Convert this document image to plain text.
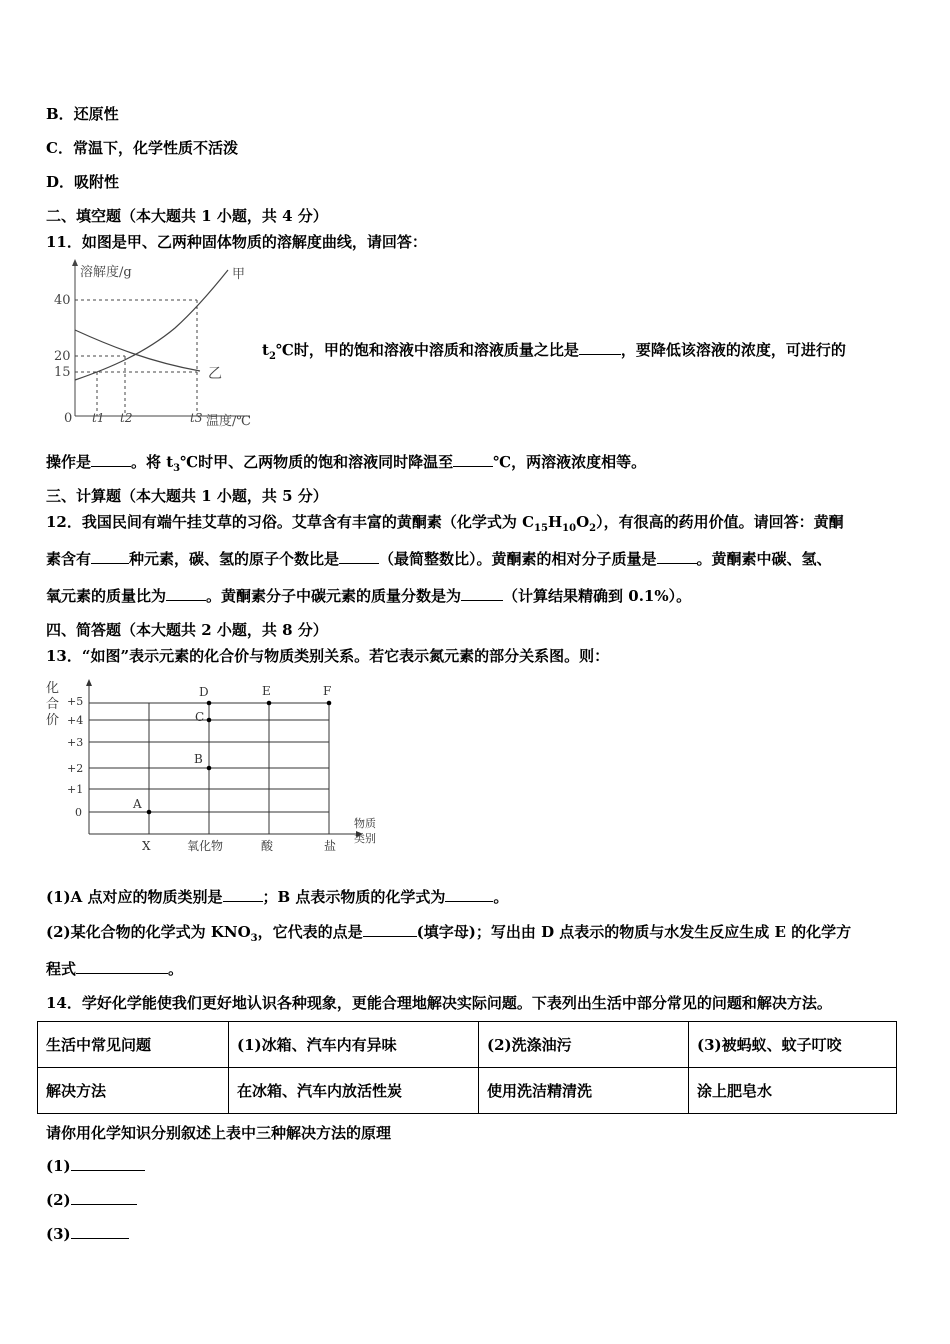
B．还原性
C．常温下，化学性质不活泼
D．吸附性
二、填空题（本大题共 1 小题，共 4 分）
11．如图是甲、乙两种固体物质的溶解度曲线，请回答：
溶解度/g	甲
乙
40
20
15
0 t1 t2	t3 温度/℃
$t_2℃$时，甲的饱和溶液中溶质和溶液质量之比是	，要降低该溶液的浓度，可进行的
操作是	。将 $t_3℃$时甲、乙两物质的饱和溶液同时降温至	℃，两溶液浓度相等。
三、计算题（本大题共 1 小题，共 5 分）
12．我国民间有端午挂艾草的习俗。艾草含有丰富的黄酮素（化学式为 $C_{15}H_{10}O_2$），有很高的药用价值。请回答：黄酮
素含有	种元素，碳、氢的原子个数比是	（最简整数比）。黄酮素的相对分子质量是	。黄酮素中碳、氢、
氧元素的质量比为	。黄酮素分子中碳元素的质量分数是为	（计算结果精确到 0.1%）。
四、简答题（本大题共 2 小题，共 8 分）
13．“如图”表示元素的化合价与物质类别关系。若它表示氮元素的部分关系图。则：
化
合
价
+5
+4
+3
+2
+1
0
X	氧化物	酸	盐
物质
类别
A
B
C
D	E	F
(1)A 点对应的物质类别是	；B 点表示物质的化学式为	。
(2)某化合物的化学式为 $KNO_3$，它代表的点是	(填字母)；写出由 D 点表示的物质与水发生反应生成 E 的化学方
程式	。
14．学好化学能使我们更好地认识各种现象，更能合理地解决实际问题。下表列出生活中部分常见的问题和解决方法。
生活中常见问题	(1)冰箱、汽车内有异味	(2)洗涤油污	(3)被蚂蚁、蚊子叮咬
解决方法	在冰箱、汽车内放活性炭	使用洗洁精清洗	涂上肥皂水
请你用化学知识分别叙述上表中三种解决方法的原理
(1)
(2)
(3)
